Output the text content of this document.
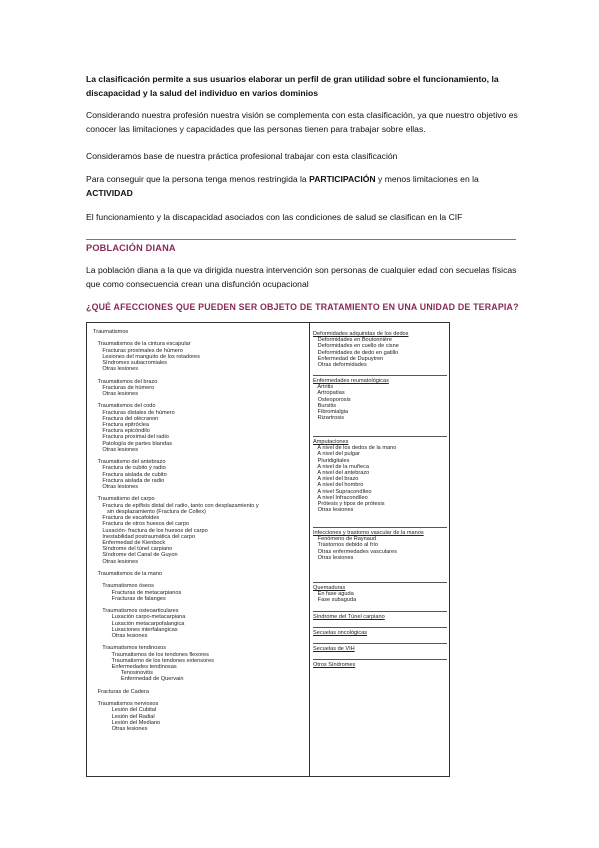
La clasificación permite a sus usuarios elaborar un perfil de gran utilidad sobre el funcionamiento, la discapacidad y la salud del individuo en varios dominios
Considerando nuestra profesión nuestra visión se complementa con esta clasificación, ya que nuestro objetivo es conocer las limitaciones y capacidades que las personas tienen para trabajar sobre ellas.
Consideramos base de nuestra práctica profesional trabajar con esta clasificación
Para conseguir que la persona tenga menos restringida la PARTICIPACIÓN y menos limitaciones en la ACTIVIDAD
El funcionamiento y la discapacidad asociados con las condiciones de salud se clasifican en la CIF
POBLACIÓN DIANA
La población diana a la que va dirigida nuestra intervención son personas de cualquier edad con secuelas físicas que como consecuencia crean una disfunción ocupacional
¿QUÉ AFECCIONES QUE PUEDEN SER OBJETO DE TRATAMIENTO EN UNA UNIDAD DE TERAPIA?
Traumatismos

Traumatismos de la cintura escapular
Fracturas proximales de húmero
Lesiones del manguito de los rotadores
Síndromes subacromiales
Otras lesiones

Traumatismos del brazo
Fracturas de húmero
Otras lesiones

Traumatismos del codo
Fracturas distales de húmero
Fractura del olécranon
Fractura epitróclea
Fractura epicóndilo
Fractura proximal del radio
Patología de partes blandas
Otras lesiones

Traumatismo del antebrazo
Fractura de cubito y radio
Fractura aislada de cubito
Fractura aislada de radio
Otras lesiones

Traumatismo del carpo
Fractura de epífisis distal del radio, tanto con desplazamiento y
sin desplazamiento (Fractura de Collex)
Fractura de escafoides
Fractura de otros huesos del carpo
Luxación- fractura de los huesos del carpo
Inestabilidad postraumática del carpo
Enfermedad de Kienbock
Síndrome del túnel carpiano
Síndrome del Canal de Guyon
Otras lesiones

Traumatismos de la mano

Traumatismos óseos
Fracturas de metacarpianos
Fracturas de falanges

Traumatismos osteoarticulares
Luxación carpo-metacarpiana
Luxación metacarpofalangica
Luxaciones interfalangicas
Otras lesiones

Traumatismos tendinosos
Traumatismos de los tendones flexores
Traumatismo de los tendones extensores
Enfermedades tendinosas
Tenosinovitis
Enfermedad de Quervain

Fracturas de Cadera

Traumatismos nerviosos
Lesión del Cubital
Lesión del Radial
Lesión del Mediano
Otras lesiones
Deformidades adquiridas de los dedos
Deformidades en Boutonnière
Deformidades en cuello de cisne
Deformidades de dedo en gatillo
Enfermedad de Dupuytren
Otras deformidades
Enfermedades reumatológicas
Artritis
Artropatías
Osteoporosis
Bursitis
Fibromialgia
Rizartrosis
Amputaciones
A nivel de los dedos de la mano
A nivel del pulgar
Pluridigitales
A nivel de la muñeca
A nivel del antebrazo
A nivel del brazo
A nivel del hombro
A nivel Supracondíleo
A nivel Infracondíleo
Prótesis y tipos de prótesis
Otras lesiones
Infecciones y trastorno vascular de la manos
Fenómeno de Raynaud
Trastornos debido al frío
Otras enfermedades vasculares
Otras lesiones
Quemaduras
En fase aguda
Fase subaguda
Síndrome del Túnel carpiano
Secuelas oncológicas
Secuelas de VIH
Otros Síndromes
